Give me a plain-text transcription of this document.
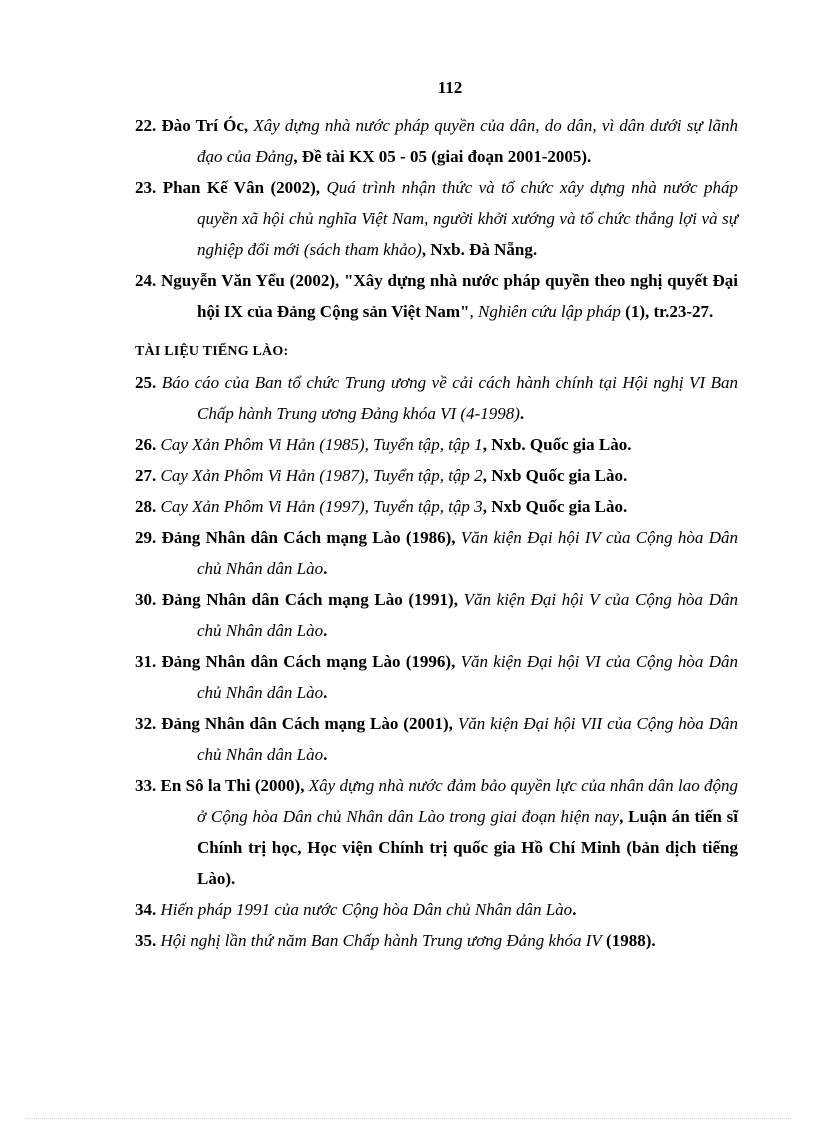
112

22. Đào Trí Óc, Xây dựng nhà nước pháp quyền của dân, do dân, vì dân dưới sự lãnh đạo của Đảng, Đề tài KX 05 - 05 (giai đoạn 2001-2005).

23. Phan Kế Vân (2002), Quá trình nhận thức và tổ chức xây dựng nhà nước pháp quyền xã hội chủ nghĩa Việt Nam, người khởi xướng và tổ chức thắng lợi và sự nghiệp đổi mới (sách tham khảo), Nxb. Đà Nẵng.

24. Nguyễn Văn Yểu (2002), "Xây dựng nhà nước pháp quyền theo nghị quyết Đại hội IX của Đảng Cộng sản Việt Nam", Nghiên cứu lập pháp (1), tr.23-27.

TÀI LIỆU TIẾNG LÀO:

25. Báo cáo của Ban tổ chức Trung ương về cải cách hành chính tại Hội nghị VI Ban Chấp hành Trung ương Đảng khóa VI (4-1998).

26. Cay Xản Phôm Vi Hản (1985), Tuyển tập, tập 1, Nxb. Quốc gia Lào.

27. Cay Xản Phôm Vi Hản (1987), Tuyển tập, tập 2, Nxb Quốc gia Lào.

28. Cay Xản Phôm Vi Hản (1997), Tuyển tập, tập 3, Nxb Quốc gia Lào.

29. Đảng Nhân dân Cách mạng Lào (1986), Văn kiện Đại hội IV của Cộng hòa Dân chủ Nhân dân Lào.

30. Đảng Nhân dân Cách mạng Lào (1991), Văn kiện Đại hội V của Cộng hòa Dân chủ Nhân dân Lào.

31. Đảng Nhân dân Cách mạng Lào (1996), Văn kiện Đại hội VI của Cộng hòa Dân chủ Nhân dân Lào.

32. Đảng Nhân dân Cách mạng Lào (2001), Văn kiện Đại hội VII của Cộng hòa Dân chủ Nhân dân Lào.

33. En Sô la Thi (2000), Xây dựng nhà nước đảm bảo quyền lực của nhân dân lao động ở Cộng hòa Dân chủ Nhân dân Lào trong giai đoạn hiện nay, Luận án tiến sĩ Chính trị học, Học viện Chính trị quốc gia Hồ Chí Minh (bản dịch tiếng Lào).

34. Hiến pháp 1991 của nước Cộng hòa Dân chủ Nhân dân Lào.

35. Hội nghị lần thứ năm Ban Chấp hành Trung ương Đảng khóa IV (1988).
